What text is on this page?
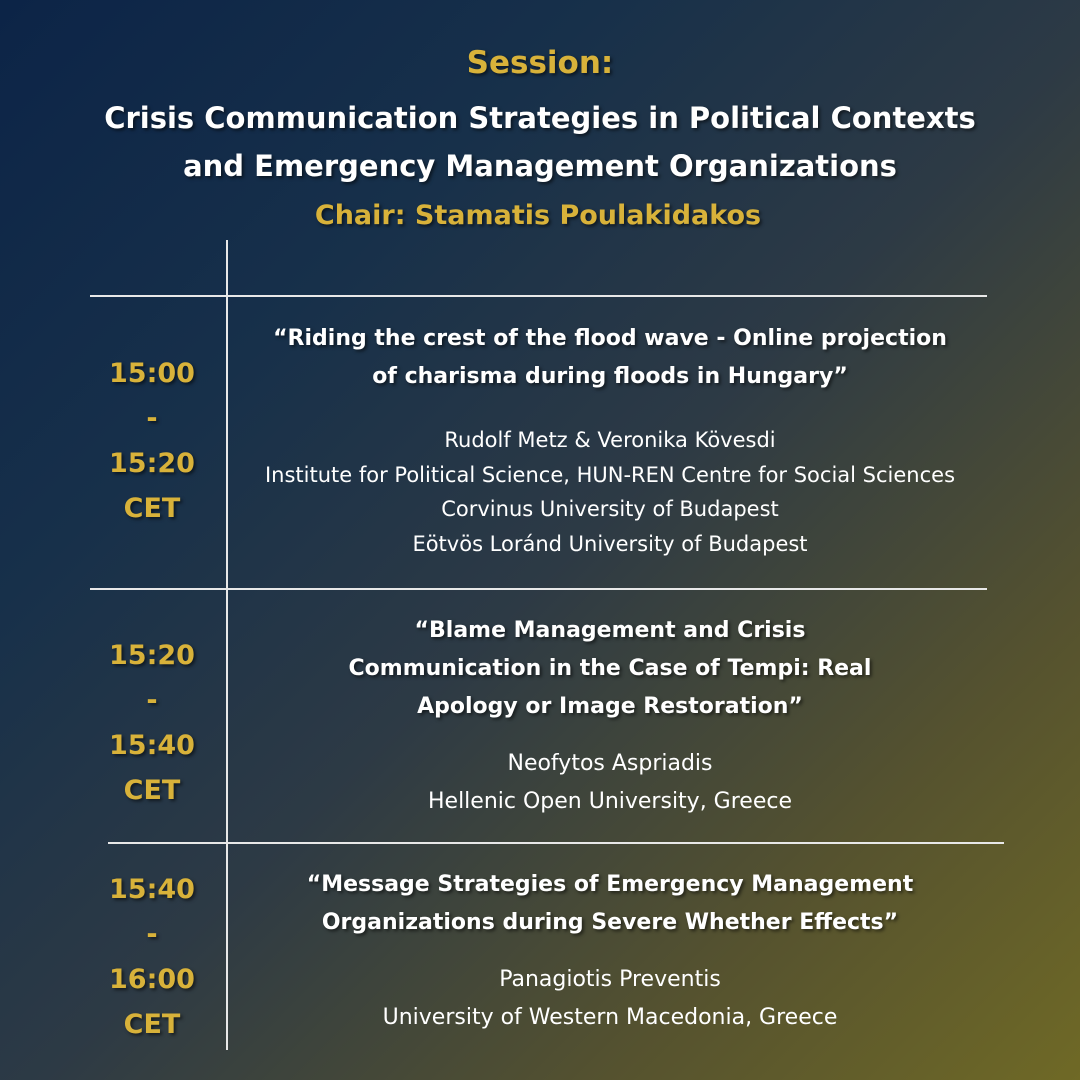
Session:
Crisis Communication Strategies in Political Contexts
and Emergency Management Organizations
Chair: Stamatis Poulakidakos
15:00
-
15:20
CET
“Riding the crest of the flood wave - Online projection
of charisma during floods in Hungary”
Rudolf Metz & Veronika Kövesdi
Institute for Political Science, HUN-REN Centre for Social Sciences
Corvinus University of Budapest
Eötvös Loránd University of Budapest
15:20
-
15:40
CET
“Blame Management and Crisis
Communication in the Case of Tempi: Real
Apology or Image Restoration”
Neofytos Aspriadis
Hellenic Open University, Greece
15:40
-
16:00
CET
“Message Strategies of Emergency Management
Organizations during Severe Whether Effects”
Panagiotis Preventis
University of Western Macedonia, Greece
